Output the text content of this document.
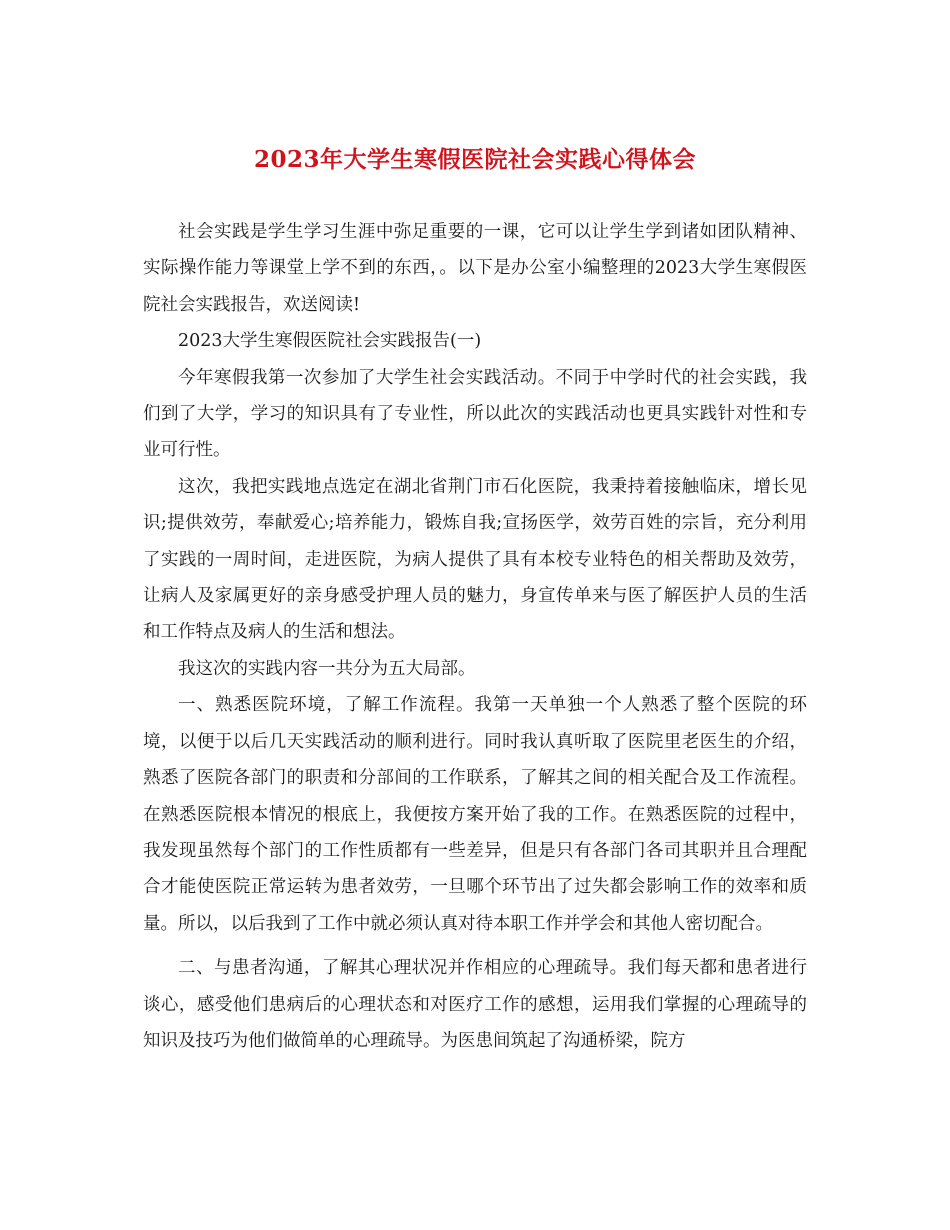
2023年大学生寒假医院社会实践心得体会

社会实践是学生学习生涯中弥足重要的一课，它可以让学生学到诸如团队精神、实际操作能力等课堂上学不到的东西，。以下是办公室小编整理的2023大学生寒假医院社会实践报告，欢送阅读!

2023大学生寒假医院社会实践报告(一)

今年寒假我第一次参加了大学生社会实践活动。不同于中学时代的社会实践，我们到了大学，学习的知识具有了专业性，所以此次的实践活动也更具实践针对性和专业可行性。

这次，我把实践地点选定在湖北省荆门市石化医院，我秉持着接触临床，增长见识;提供效劳，奉献爱心;培养能力，锻炼自我;宣扬医学，效劳百姓的宗旨，充分利用了实践的一周时间，走进医院，为病人提供了具有本校专业特色的相关帮助及效劳，让病人及家属更好的亲身感受护理人员的魅力，身宣传单来与医了解医护人员的生活和工作特点及病人的生活和想法。

我这次的实践内容一共分为五大局部。

一、熟悉医院环境，了解工作流程。我第一天单独一个人熟悉了整个医院的环境，以便于以后几天实践活动的顺利进行。同时我认真听取了医院里老医生的介绍，熟悉了医院各部门的职责和分部间的工作联系，了解其之间的相关配合及工作流程。在熟悉医院根本情况的根底上，我便按方案开始了我的工作。在熟悉医院的过程中，我发现虽然每个部门的工作性质都有一些差异，但是只有各部门各司其职并且合理配合才能使医院正常运转为患者效劳，一旦哪个环节出了过失都会影响工作的效率和质量。所以，以后我到了工作中就必须认真对待本职工作并学会和其他人密切配合。

二、与患者沟通，了解其心理状况并作相应的心理疏导。我们每天都和患者进行谈心，感受他们患病后的心理状态和对医疗工作的感想，运用我们掌握的心理疏导的知识及技巧为他们做简单的心理疏导。为医患间筑起了沟通桥梁，院方
